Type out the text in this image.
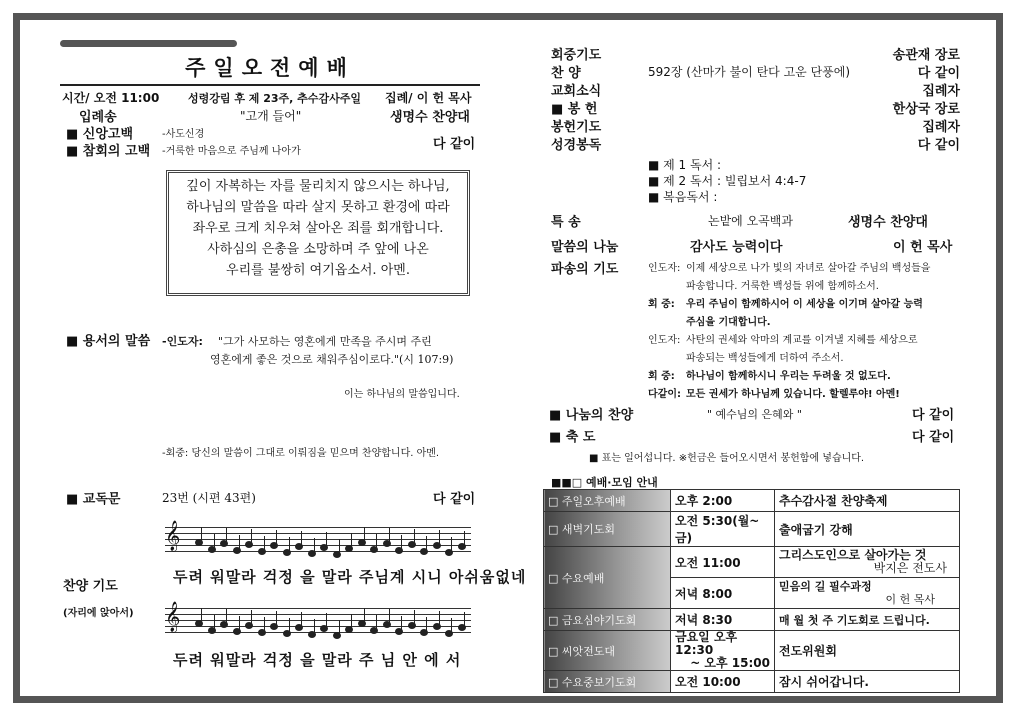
주일오전예배
시간/ 오전 11:00	성령강림 후 제 23주, 추수감사주일 집례/ 이 헌 목사
입례송	"고개 들어"	생명수 찬양대
■ 신앙고백	-사도신경
■ 참회의 고백 -거룩한 마음으로 주님께 나아가	다 같이
깊이 자복하는 자를 물리치지 않으시는 하나님,
하나님의 말씀을 따라 살지 못하고 환경에 따라
좌우로 크게 치우쳐 살아온 죄를 회개합니다.
사하심의 은총을 소망하며 주 앞에 나온
우리를 불쌍히 여기옵소서. 아멘.
■ 용서의 말씀 -인도자: "그가 사모하는 영혼에게 만족을 주시며 주린
영혼에게 좋은 것으로 채워주심이로다."(시 107:9)
이는 하나님의 말씀입니다.
-회중: 당신의 말씀이 그대로 이뤄짐을 믿으며 찬양합니다. 아멘.
■ 교독문	23번 (시편 43편)	다 같이
𝄞
두려 워말라 걱정 을 말라 주님계 시니 아쉬움없네
찬양 기도
(자리에 앉아서) 𝄞
두려 워말라 걱정 을 말라 주 님 안 에 서
회중기도	송관재 장로
찬 양	592장 (산마가 불이 탄다 고운 단풍에)	다 같이
교회소식	집례자
■ 봉 헌	한상국 장로
봉헌기도	집례자
성경봉독	다 같이
■ 제 1 독서 :
■ 제 2 독서 : 빌립보서 4:4-7
■ 복음독서 :
특 송	논밭에 오곡백과	생명수 찬양대
말씀의 나눔	감사도 능력이다	이 헌 목사
파송의 기도	인도자: 이제 세상으로 나가 빛의 자녀로 살아갈 주님의 백성들을
파송합니다. 거룩한 백성들 위에 함께하소서.
회 중: 우리 주님이 함께하시어 이 세상을 이기며 살아갈 능력
주심을 기대합니다.
인도자: 사탄의 권세와 악마의 계교를 이겨낼 지혜를 세상으로
파송되는 백성들에게 더하여 주소서.
회 중: 하나님이 함께하시니 우리는 두려울 것 없도다.
다같이: 모든 권세가 하나님께 있습니다. 할렐루야! 아멘!
■ 나눔의 찬양	" 예수님의 은혜와 "	다 같이
■ 축 도	다 같이
■ 표는 일어섭니다. ※헌금은 들어오시면서 봉헌함에 넣습니다.
■■□ 예배·모임 안내
□ 주일오후예배	오후 2:00	추수감사절 찬양축제
□ 새벽기도회	오전 5:30(월~금)	출애굽기 강해
□ 수요예배	오전 11:00	그리스도인으로 살아가는 것
박지은 전도사

	저녁 8:00	믿음의 길 필수과정
이 헌 목사

□ 금요심야기도회	저녁 8:30	매 월 첫 주 기도회로 드립니다.
□ 씨앗전도대	금요일 오후 12:30
~ 오후 15:00	전도위원회
□ 수요중보기도회	오전 10:00	잠시 쉬어갑니다.
